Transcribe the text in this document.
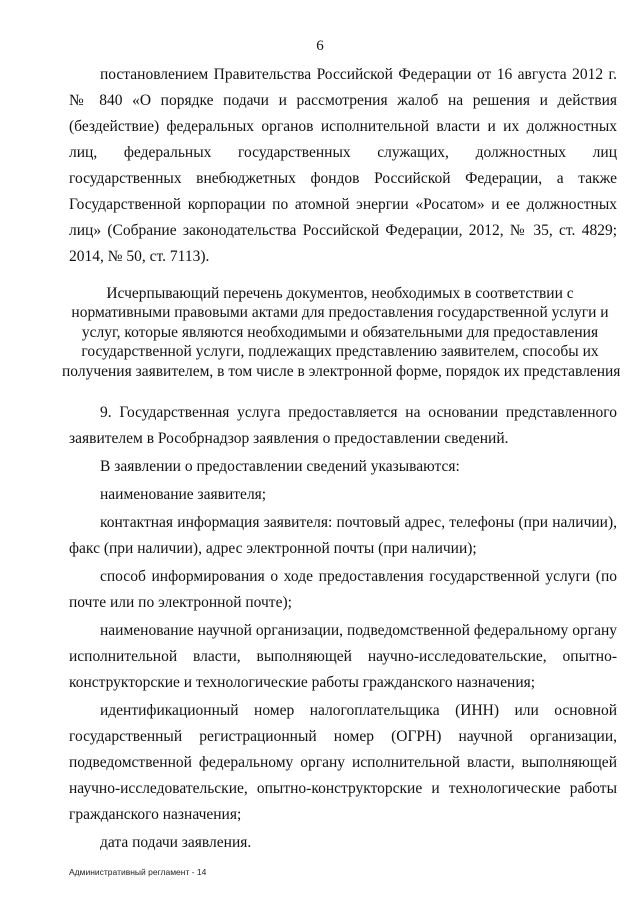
6

постановлением Правительства Российской Федерации от 16 августа 2012 г. № 840 «О порядке подачи и рассмотрения жалоб на решения и действия (бездействие) федеральных органов исполнительной власти и их должностных лиц, федеральных государственных служащих, должностных лиц государственных внебюджетных фондов Российской Федерации, а также Государственной корпорации по атомной энергии «Росатом» и ее должностных лиц» (Собрание законодательства Российской Федерации, 2012, № 35, ст. 4829; 2014, № 50, ст. 7113).

Исчерпывающий перечень документов, необходимых в соответствии с
нормативными правовыми актами для предоставления государственной услуги и
услуг, которые являются необходимыми и обязательными для предоставления
государственной услуги, подлежащих представлению заявителем, способы их
получения заявителем, в том числе в электронной форме, порядок их представления

9. Государственная услуга предоставляется на основании представленного заявителем в Рособрнадзор заявления о предоставлении сведений.

В заявлении о предоставлении сведений указываются:

наименование заявителя;

контактная информация заявителя: почтовый адрес, телефоны (при наличии), факс (при наличии), адрес электронной почты (при наличии);

способ информирования о ходе предоставления государственной услуги (по почте или по электронной почте);

наименование научной организации, подведомственной федеральному органу исполнительной власти, выполняющей научно-исследовательские, опытно-конструкторские и технологические работы гражданского назначения;

идентификационный номер налогоплательщика (ИНН) или основной государственный регистрационный номер (ОГРН) научной организации, подведомственной федеральному органу исполнительной власти, выполняющей научно-исследовательские, опытно-конструкторские и технологические работы гражданского назначения;

дата подачи заявления.

Административный регламент - 14
